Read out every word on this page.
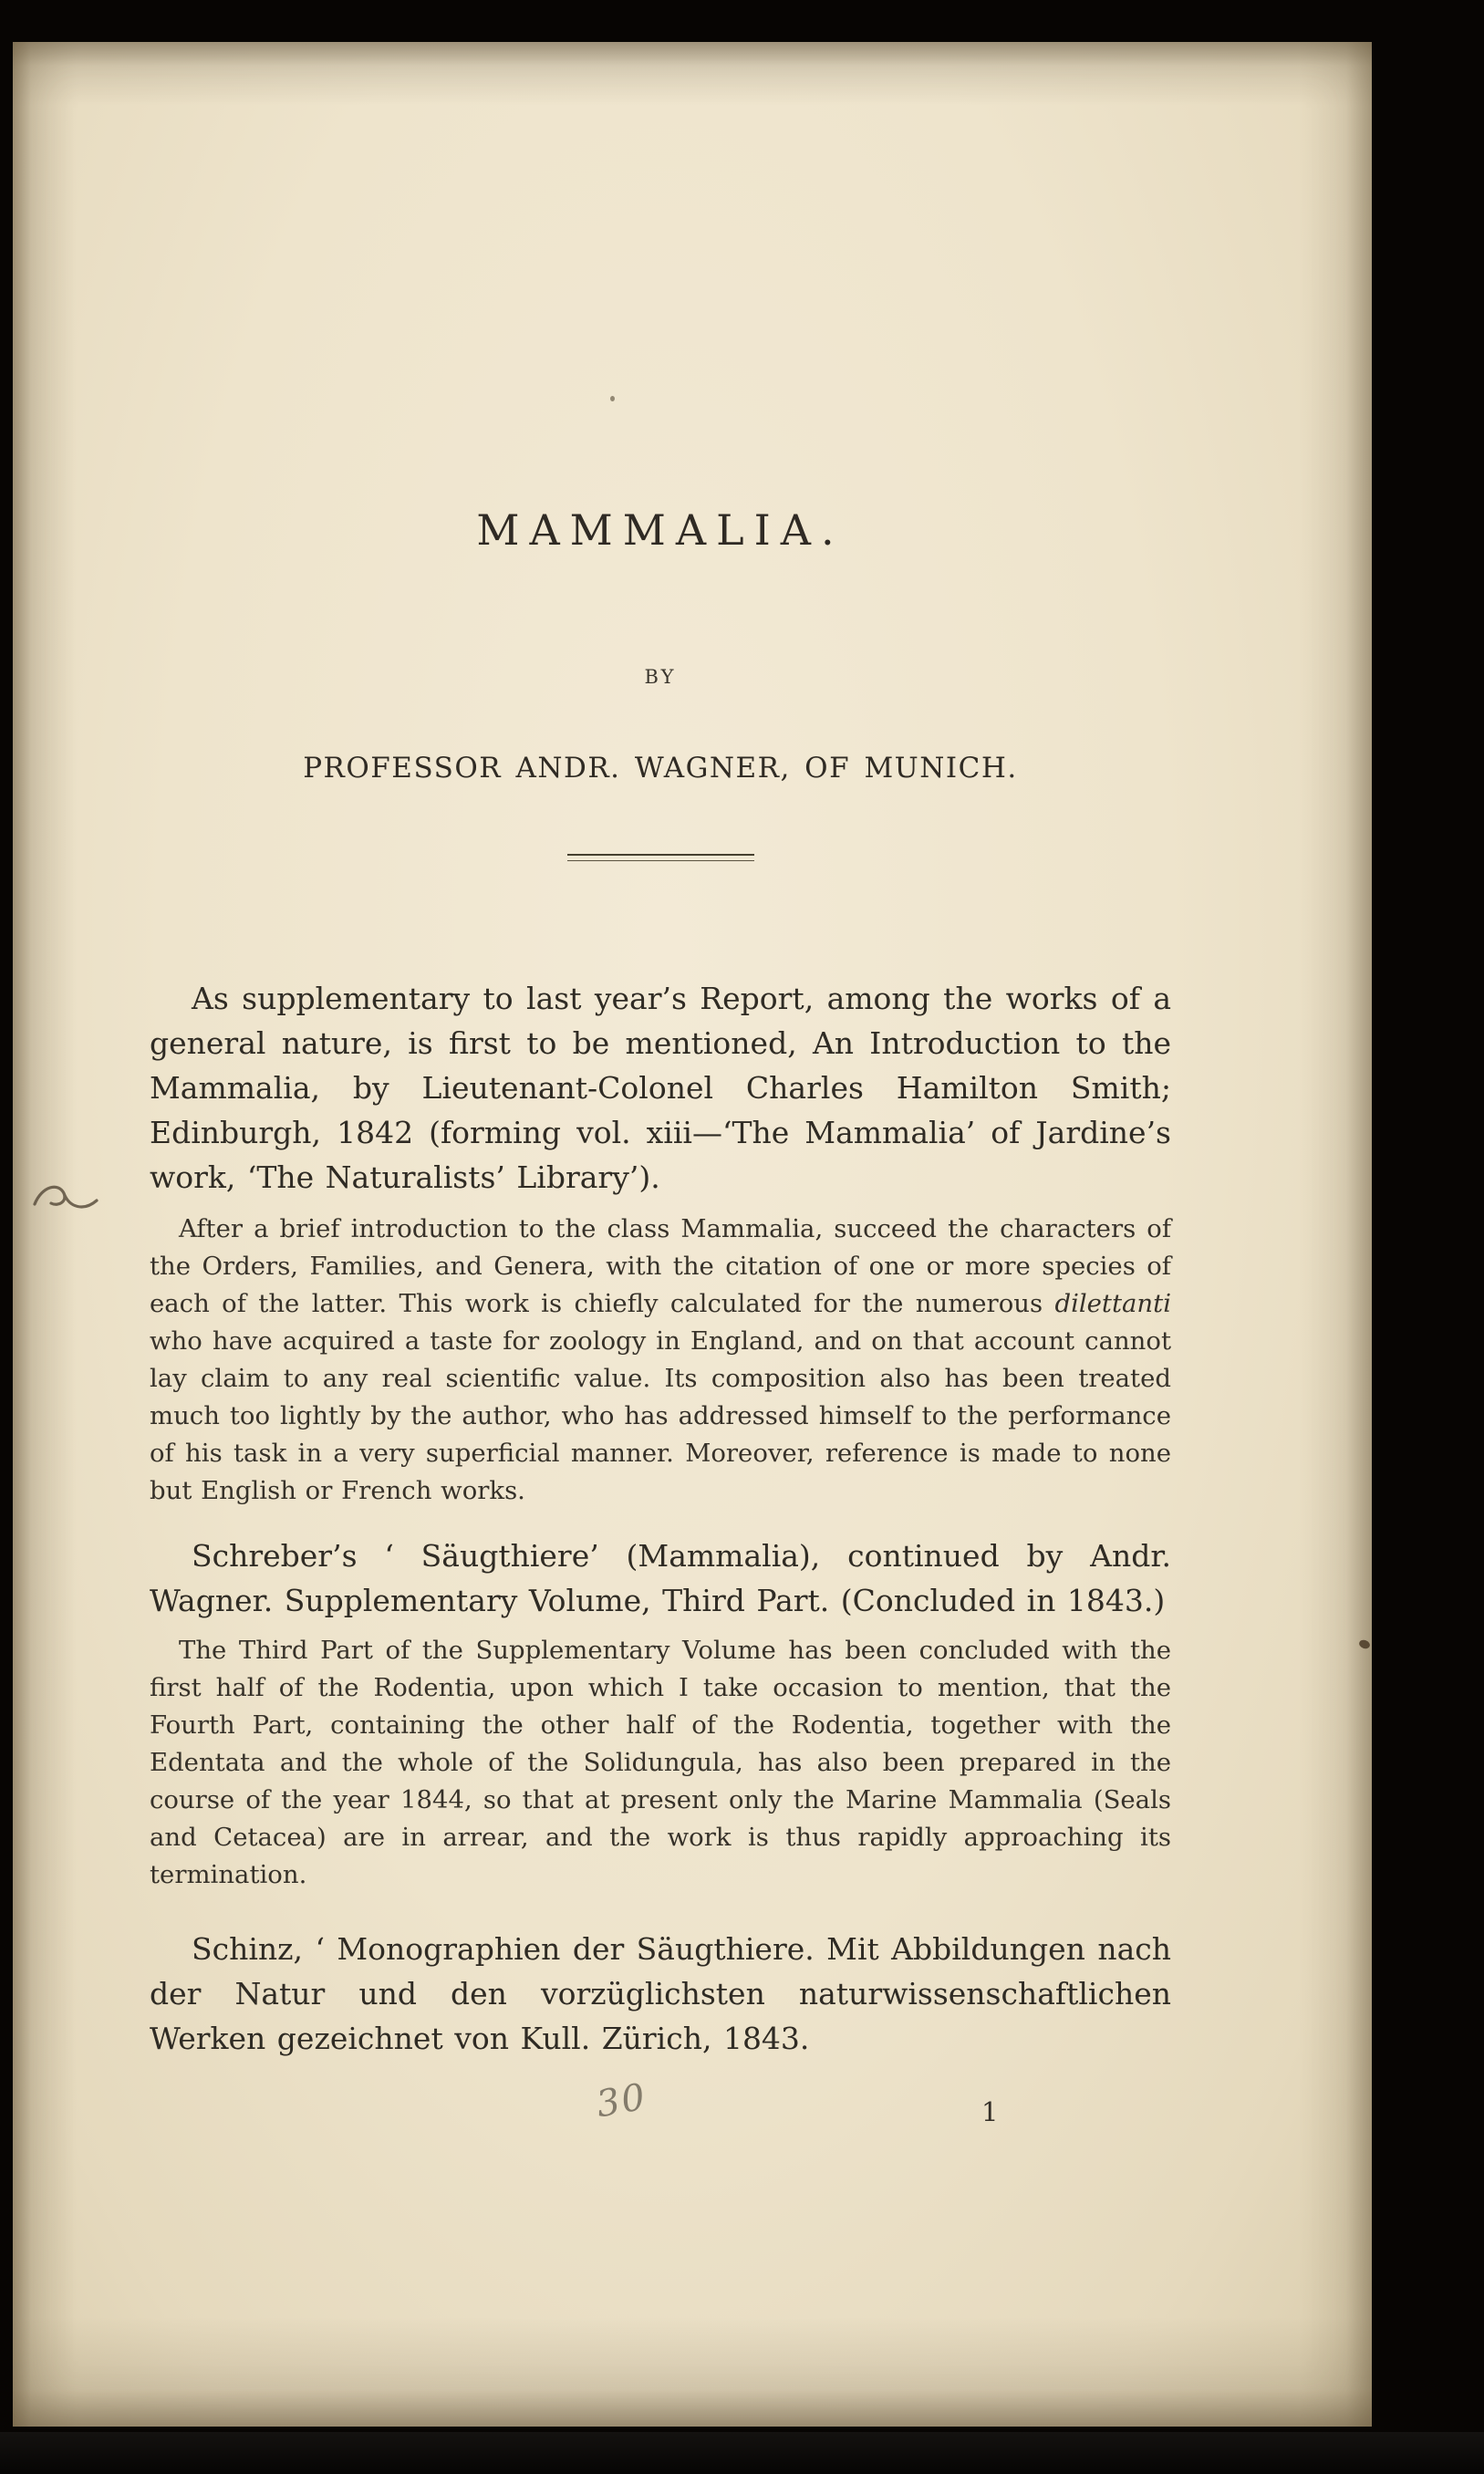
MAMMALIA.
BY
PROFESSOR ANDR. WAGNER, OF MUNICH.

As supplementary to last year’s Report, among the works of a general nature, is first to be mentioned, An Introduction to the Mammalia, by Lieutenant-Colonel Charles Hamilton Smith; Edinburgh, 1842 (forming vol. xiii—‘The Mammalia’ of Jardine’s work, ‘The Naturalists’ Library’).

After a brief introduction to the class Mammalia, succeed the characters of the Orders, Families, and Genera, with the citation of one or more species of each of the latter. This work is chiefly calculated for the numerous dilettanti who have acquired a taste for zoology in England, and on that account cannot lay claim to any real scientific value. Its composition also has been treated much too lightly by the author, who has addressed himself to the performance of his task in a very superficial manner. Moreover, reference is made to none but English or French works.

Schreber’s ‘ Säugthiere’ (Mammalia), continued by Andr. Wagner. Supplementary Volume, Third Part. (Concluded in 1843.)

The Third Part of the Supplementary Volume has been concluded with the first half of the Rodentia, upon which I take occasion to mention, that the Fourth Part, containing the other half of the Rodentia, together with the Edentata and the whole of the Solidungula, has also been prepared in the course of the year 1844, so that at present only the Marine Mammalia (Seals and Cetacea) are in arrear, and the work is thus rapidly approaching its termination.

Schinz, ‘ Monographien der Säugthiere. Mit Abbildungen nach der Natur und den vorzüglichsten naturwissenschaftlichen Werken gezeichnet von Kull. Zürich, 1843.

30	1
